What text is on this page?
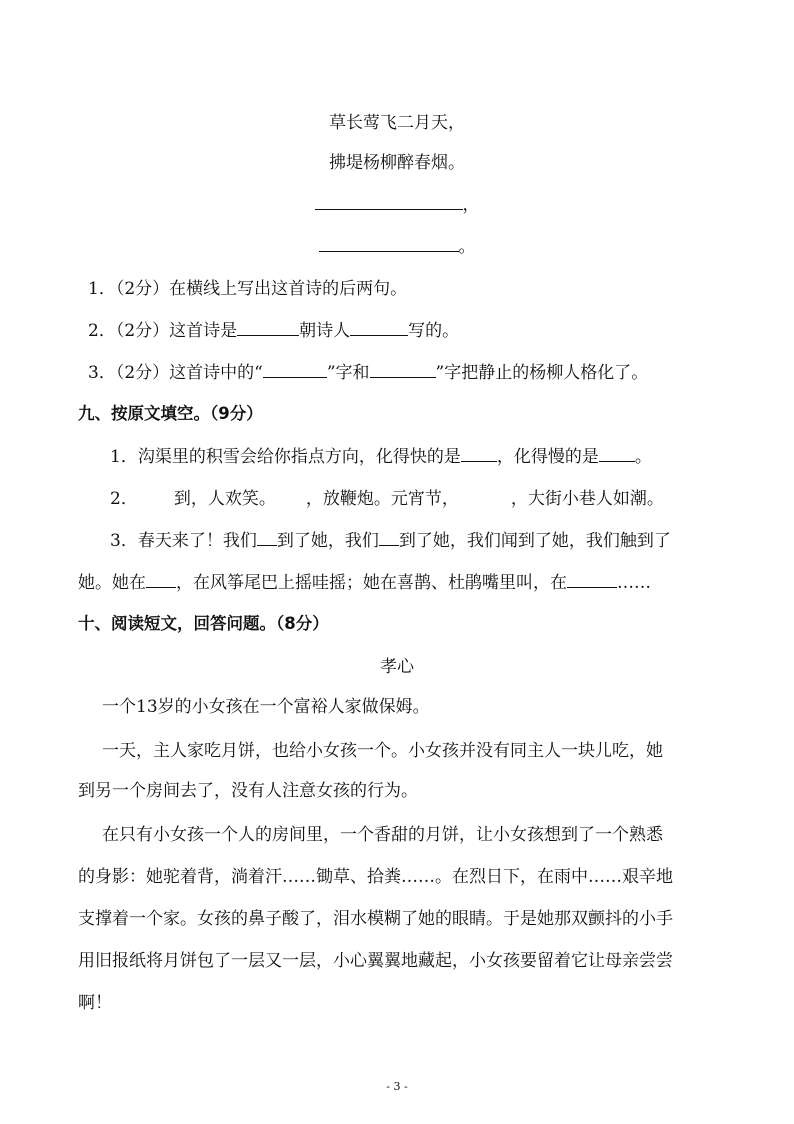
草长莺飞二月天，
拂堤杨柳醉春烟。
，
。
1．（2分）在横线上写出这首诗的后两句。
2．（2分）这首诗是	朝诗人	写的。
3．（2分）这首诗中的“	”字和	”字把静止的杨柳人格化了。
九、按原文填空。（9分）
1．沟渠里的积雪会给你指点方向，化得快的是 ，化得慢的是 。
2． 到，人欢笑。 ，放鞭炮。元宵节，	，大街小巷人如潮。
3．春天来了！我们 到了她，我们 到了她，我们闻到了她，我们触到了
她。她在 ，在风筝尾巴上摇哇摇；她在喜鹊、杜鹃嘴里叫，在	……
十、阅读短文，回答问题。（8分）
孝心
一个13岁的小女孩在一个富裕人家做保姆。
一天，主人家吃月饼，也给小女孩一个。小女孩并没有同主人一块儿吃，她
到另一个房间去了，没有人注意女孩的行为。
在只有小女孩一个人的房间里，一个香甜的月饼，让小女孩想到了一个熟悉
的身影：她驼着背，淌着汗……锄草、拾粪……。在烈日下，在雨中……艰辛地
支撑着一个家。女孩的鼻子酸了，泪水模糊了她的眼睛。于是她那双颤抖的小手
用旧报纸将月饼包了一层又一层，小心翼翼地藏起，小女孩要留着它让母亲尝尝
啊！
- 3 -
